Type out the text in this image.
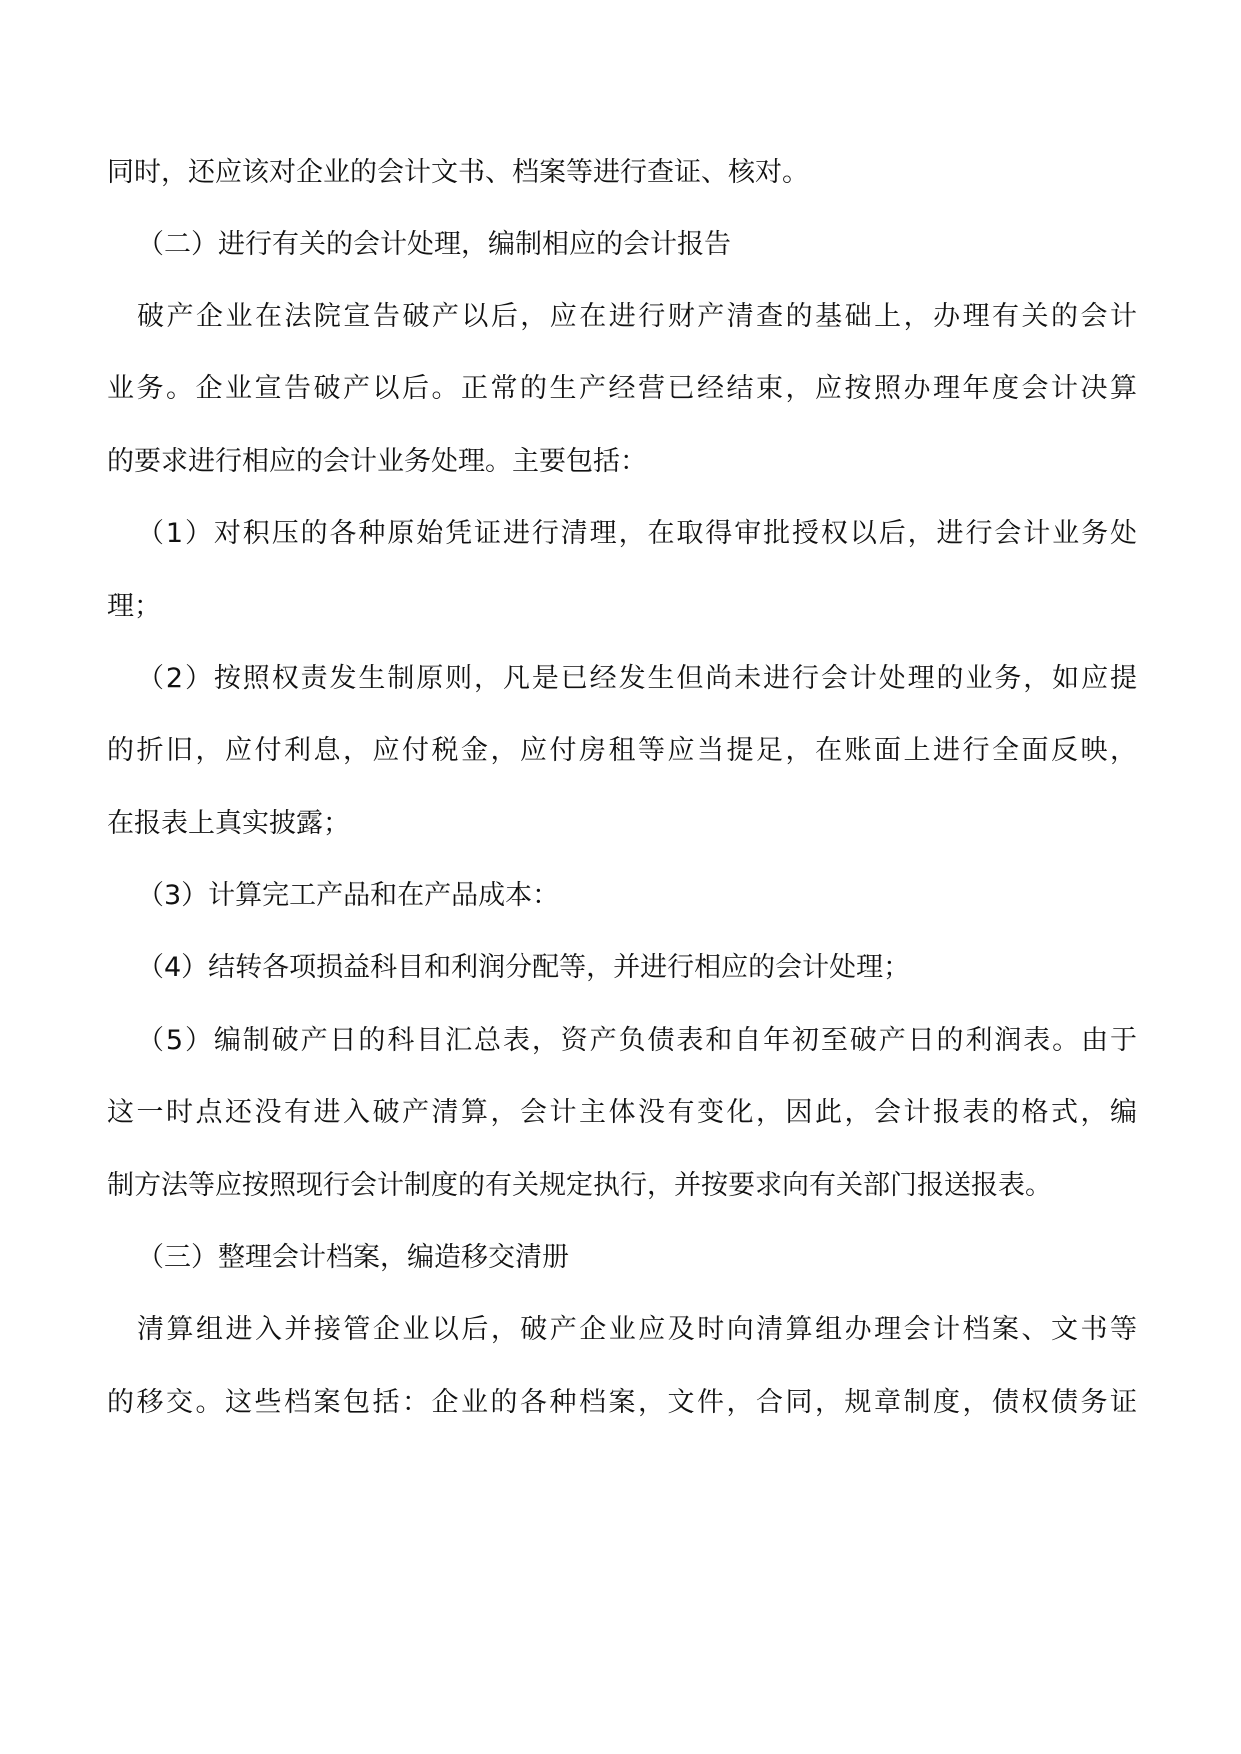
同时，还应该对企业的会计文书、档案等进行查证、核对。
（二）进行有关的会计处理，编制相应的会计报告
破产企业在法院宣告破产以后，应在进行财产清查的基础上，办理有关的会计
业务。企业宣告破产以后。正常的生产经营已经结束，应按照办理年度会计决算
的要求进行相应的会计业务处理。主要包括：
（1）对积压的各种原始凭证进行清理，在取得审批授权以后，进行会计业务处
理；
（2）按照权责发生制原则，凡是已经发生但尚未进行会计处理的业务，如应提
的折旧，应付利息，应付税金，应付房租等应当提足，在账面上进行全面反映，
在报表上真实披露；
（3）计算完工产品和在产品成本：
（4）结转各项损益科目和利润分配等，并进行相应的会计处理；
（5）编制破产日的科目汇总表，资产负债表和自年初至破产日的利润表。由于
这一时点还没有进入破产清算，会计主体没有变化，因此，会计报表的格式，编
制方法等应按照现行会计制度的有关规定执行，并按要求向有关部门报送报表。
（三）整理会计档案，编造移交清册
清算组进入并接管企业以后，破产企业应及时向清算组办理会计档案、文书等
的移交。这些档案包括：企业的各种档案，文件，合同，规章制度，债权债务证
